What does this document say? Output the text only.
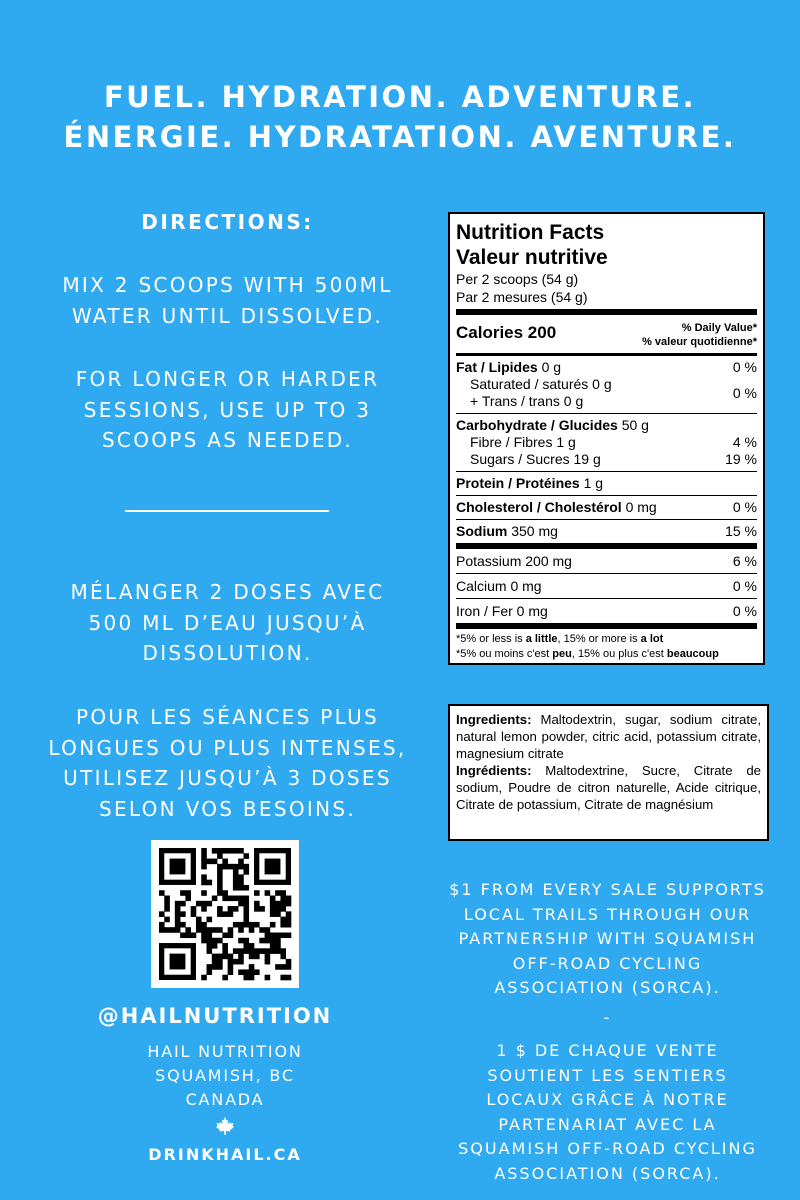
FUEL. HYDRATION. ADVENTURE.
ÉNERGIE. HYDRATATION. AVENTURE.
DIRECTIONS:
MIX 2 SCOOPS WITH 500ML WATER UNTIL DISSOLVED.
FOR LONGER OR HARDER SESSIONS, USE UP TO 3 SCOOPS AS NEEDED.
MÉLANGER 2 DOSES AVEC 500 ML D’EAU JUSQU’À DISSOLUTION.
POUR LES SÉANCES PLUS LONGUES OU PLUS INTENSES, UTILISEZ JUSQU’À 3 DOSES SELON VOS BESOINS.
@HAILNUTRITION
HAIL NUTRITION
SQUAMISH, BC
CANADA
DRINKHAIL.CA
Nutrition Facts
Valeur nutritive
Per 2 scoops (54 g)
Par 2 mesures (54 g)
Calories 200	% Daily Value*
% valeur quotidienne*
Fat / Lipides 0 g	0 %
Saturated / saturés 0 g
+ Trans / trans 0 g
0 %
Carbohydrate / Glucides 50 g
Fibre / Fibres 1 g	4 %
Sugars / Sucres 19 g	19 %
Protein / Protéines 1 g
Cholesterol / Cholestérol 0 mg	0 %
Sodium 350 mg	15 %
Potassium 200 mg	6 %
Calcium 0 mg	0 %
Iron / Fer 0 mg	0 %
*5% or less is a little, 15% or more is a lot
*5% ou moins c'est peu, 15% ou plus c'est beaucoup
Ingredients: Maltodextrin, sugar, sodium citrate, natural lemon powder, citric acid, potassium citrate, magnesium citrate
Ingrédients: Maltodextrine, Sucre, Citrate de sodium, Poudre de citron naturelle, Acide citrique, Citrate de potassium, Citrate de magnésium
$1 FROM EVERY SALE SUPPORTS LOCAL TRAILS THROUGH OUR PARTNERSHIP WITH SQUAMISH OFF-ROAD CYCLING ASSOCIATION (SORCA).
-
1 $ DE CHAQUE VENTE SOUTIENT LES SENTIERS LOCAUX GRÂCE À NOTRE PARTENARIAT AVEC LA SQUAMISH OFF-ROAD CYCLING ASSOCIATION (SORCA).
